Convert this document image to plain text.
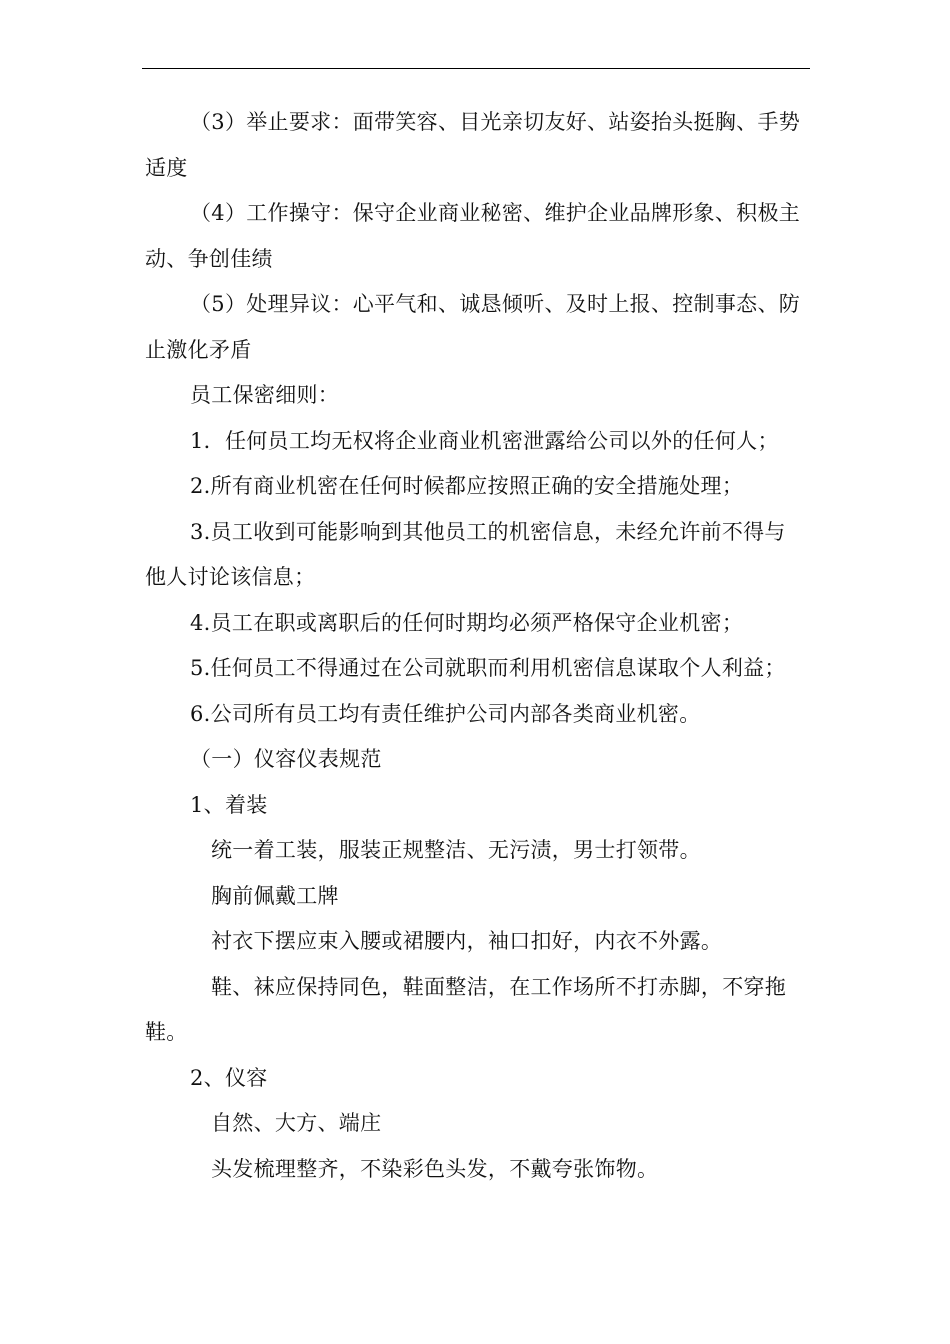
（3）举止要求：面带笑容、目光亲切友好、站姿抬头挺胸、手势

适度

（4）工作操守：保守企业商业秘密、维护企业品牌形象、积极主

动、争创佳绩

（5）处理异议：心平气和、诚恳倾听、及时上报、控制事态、防

止激化矛盾

员工保密细则：

1．任何员工均无权将企业商业机密泄露给公司以外的任何人；

2.所有商业机密在任何时候都应按照正确的安全措施处理；

3.员工收到可能影响到其他员工的机密信息，未经允许前不得与

他人讨论该信息；

4.员工在职或离职后的任何时期均必须严格保守企业机密；

5.任何员工不得通过在公司就职而利用机密信息谋取个人利益；

6.公司所有员工均有责任维护公司内部各类商业机密。

（一）仪容仪表规范

1、着装

统一着工装，服装正规整洁、无污渍，男士打领带。

胸前佩戴工牌

衬衣下摆应束入腰或裙腰内，袖口扣好，内衣不外露。

鞋、袜应保持同色，鞋面整洁，在工作场所不打赤脚，不穿拖

鞋。

2、仪容

自然、大方、端庄

头发梳理整齐，不染彩色头发，不戴夸张饰物。
